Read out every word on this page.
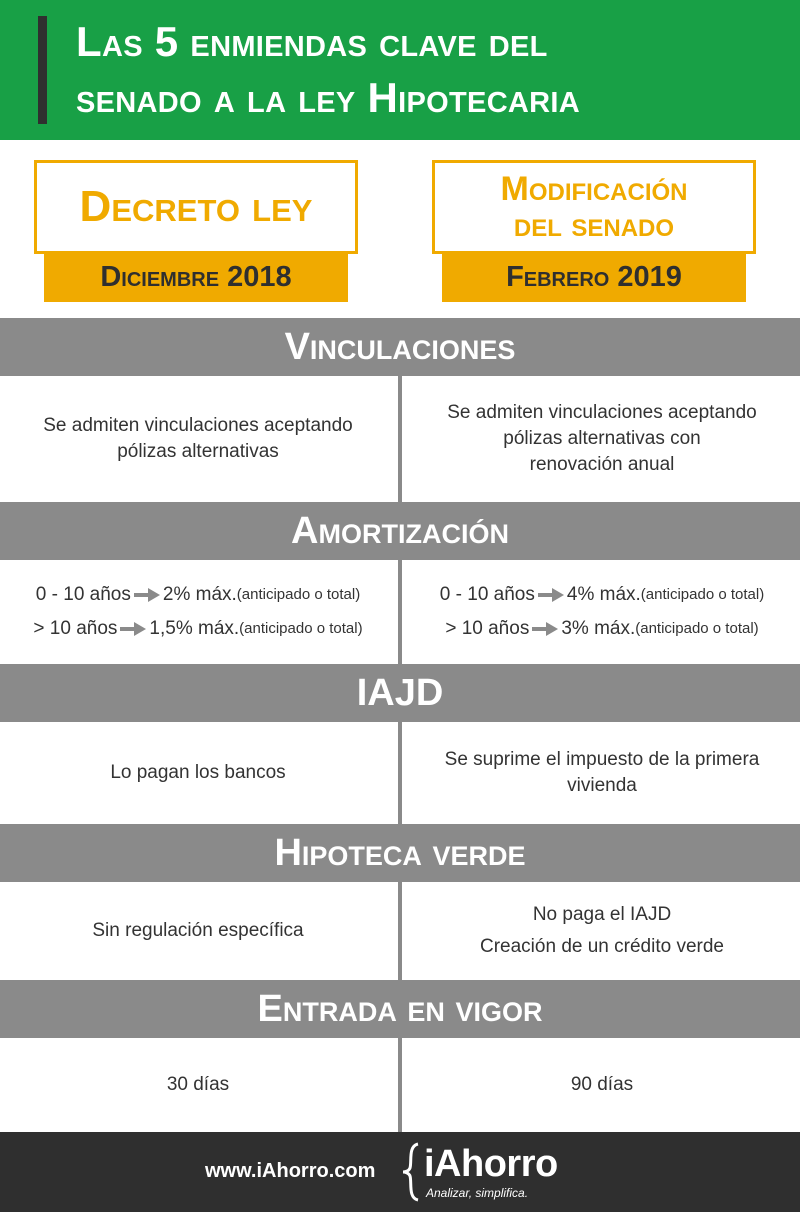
Las 5 enmiendas clave del
senado a la ley Hipotecaria
Decreto ley
Diciembre 2018
Modificación
del senado
Febrero 2019
Vinculaciones
Se admiten vinculaciones aceptando
pólizas alternativas
Se admiten vinculaciones aceptando
pólizas alternativas con
renovación anual
Amortización
0 - 10 años 2% máx. (anticipado o total)
> 10 años 1,5% máx. (anticipado o total)
0 - 10 años 4% máx. (anticipado o total)
> 10 años 3% máx. (anticipado o total)
IAJD
Lo pagan los bancos
Se suprime el impuesto de la primera
vivienda
Hipoteca verde
Sin regulación específica
No paga el IAJD
Creación de un crédito verde
Entrada en vigor
30 días	90 días
www.iAhorro.com iAhorro
Analizar, simplifica.
